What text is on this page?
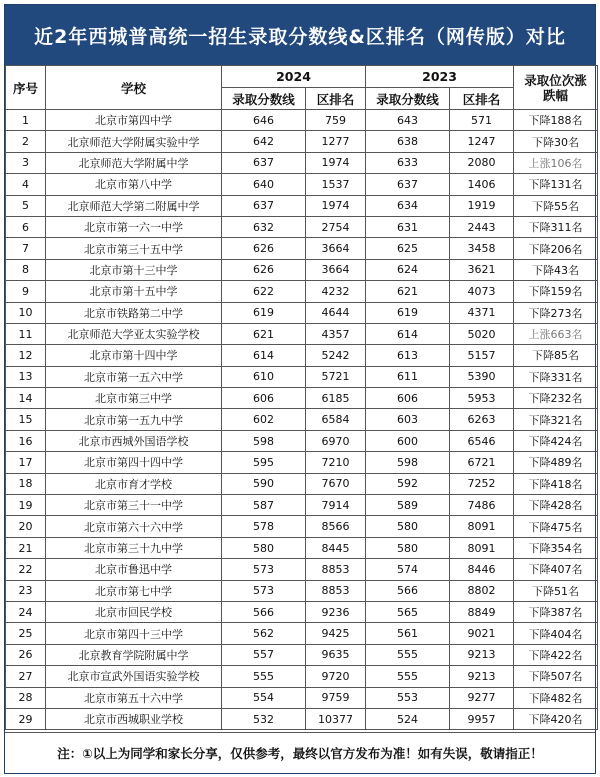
近2年西城普高统一招生录取分数线&区排名（网传版）对比
序号	学校	2024		2023		录取位次涨跌幅
		录取分数线	区排名	录取分数线	区排名	
1	北京市第四中学	646	759	643	571	下降188名
2	北京师范大学附属实验中学	642	1277	638	1247	下降30名
3	北京师范大学附属中学	637	1974	633	2080	上涨106名
4	北京市第八中学	640	1537	637	1406	下降131名
5	北京师范大学第二附属中学	637	1974	634	1919	下降55名
6	北京市第一六一中学	632	2754	631	2443	下降311名
7	北京市第三十五中学	626	3664	625	3458	下降206名
8	北京市第十三中学	626	3664	624	3621	下降43名
9	北京市第十五中学	622	4232	621	4073	下降159名
10	北京市铁路第二中学	619	4644	619	4371	下降273名
11	北京师范大学亚太实验学校	621	4357	614	5020	上涨663名
12	北京市第十四中学	614	5242	613	5157	下降85名
13	北京市第一五六中学	610	5721	611	5390	下降331名
14	北京市第三中学	606	6185	606	5953	下降232名
15	北京市第一五九中学	602	6584	603	6263	下降321名
16	北京市西城外国语学校	598	6970	600	6546	下降424名
17	北京市第四十四中学	595	7210	598	6721	下降489名
18	北京市育才学校	590	7670	592	7252	下降418名
19	北京市第三十一中学	587	7914	589	7486	下降428名
20	北京市第六十六中学	578	8566	580	8091	下降475名
21	北京市第三十九中学	580	8445	580	8091	下降354名
22	北京市鲁迅中学	573	8853	574	8446	下降407名
23	北京市第七中学	573	8853	566	8802	下降51名
24	北京市回民学校	566	9236	565	8849	下降387名
25	北京市第四十三中学	562	9425	561	9021	下降404名
26	北京教育学院附属中学	557	9635	555	9213	下降422名
27	北京市宣武外国语实验学校	555	9720	555	9213	下降507名
28	北京市第五十六中学	554	9759	553	9277	下降482名
29	北京市西城职业学校	532	10377	524	9957	下降420名
注：①以上为同学和家长分享，仅供参考，最终以官方发布为准！如有失误，敬请指正！
